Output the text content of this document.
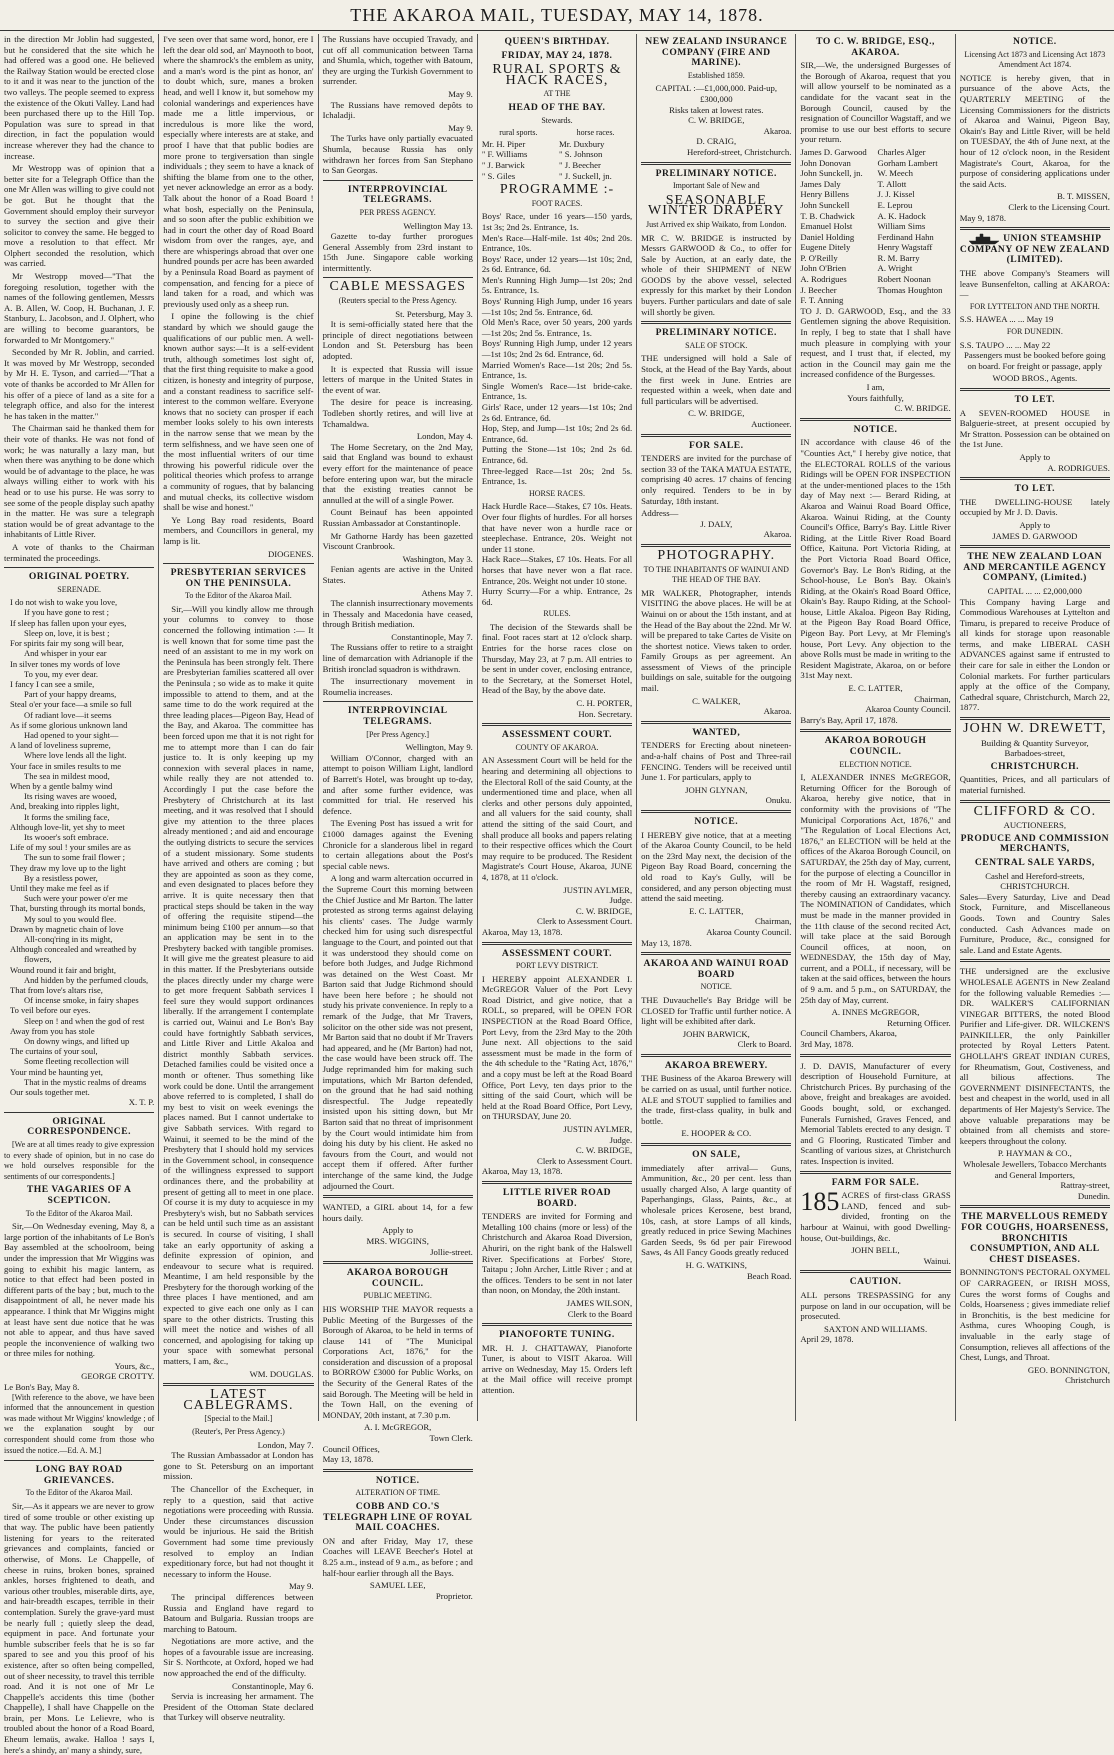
THE AKAROA MAIL, TUESDAY, MAY 14, 1878.

in the direction Mr Joblin had suggested, but he considered that the site which he had offered was a good one. He believed the Railway Station would be erected close to it and it was near to the junction of the two valleys. The people seemed to express the existence of the Okuti Valley. Land had been purchased there up to the Hill Top. Population was sure to spread in that direction, in fact the population would increase wherever they had the chance to increase.

Mr Westropp was of opinion that a better site for a Telegraph Office than the one Mr Allen was willing to give could not be got. But he thought that the Government should employ their surveyor to survey the section and give their solicitor to convey the same. He begged to move a resolution to that effect. Mr Olphert seconded the resolution, which was carried.

Mr Westropp moved—"That the foregoing resolution, together with the names of the following gentlemen, Messrs A. B. Allen, W. Coop, H. Buchanan, J. F. Stanbury, L. Jacobson, and J. Olphert, who are willing to become guarantors, be forwarded to Mr Montgomery."

Seconded by Mr R. Joblin, and carried. It was moved by Mr Westropp, seconded by Mr H. E. Tyson, and carried—"That a vote of thanks be accorded to Mr Allen for his offer of a piece of land as a site for a telegraph office, and also for the interest he has taken in the matter."

The Chairman said he thanked them for their vote of thanks. He was not fond of work; he was naturally a lazy man, but when there was anything to be done which would be of advantage to the place, he was always willing either to work with his head or to use his purse. He was sorry to see some of the people display such apathy in the matter. He was sure a telegraph station would be of great advantage to the inhabitants of Little River.

A vote of thanks to the Chairman terminated the proceedings.

ORIGINAL POETRY.
SERENADE.
I do not wish to wake you love,
If you have gone to rest ;
If sleep has fallen upon your eyes,
Sleep on, love, it is best ;
For spirits fair my song will bear,
And whisper in your ear
In silver tones my words of love
To you, my ever dear.
I fancy I can see a smile,
Part of your happy dreams,
Steal o'er your face—a smile so full
Of radiant love—it seems
As if some glorious unknown land
Had opened to your sight—
A land of loveliness supreme,
Where love lends all the light.
Your face in smiles results to me
The sea in mildest mood,
When by a gentle balmy wind
Its rising waves are wooed,
And, breaking into ripples light,
It forms the smiling face,
Although love-lit, yet shy to meet
Its wooer's soft embrace.
Life of my soul ! your smiles are as
The sun to some frail flower ;
They draw my love up to the light
By a resistless power,
Until they make me feel as if
Such were your power o'er me
That, bursting through its mortal bonds,
My soul to you would flee.
Drawn by magnetic chain of love
All-conq'ring in its might,
Although concealed and wreathed by
flowers,
Wound round it fair and bright,
And hidden by the perfumed clouds,
That from love's altars rise,
Of incense smoke, in fairy shapes
To veil before our eyes.
Sleep on ! and when the god of rest
Away from you has stole
On downy wings, and lifted up
The curtains of your soul,
Some fleeting recollection will
Your mind be haunting yet,
That in the mystic realms of dreams
Our souls together met.
X. T. P.
ORIGINAL CORRESPONDENCE.

[We are at all times ready to give expression to every shade of opinion, but in no case do we hold ourselves responsible for the sentiments of our correspondents.]

THE VAGARIES OF A SCEPTICON.
To the Editor of the Akaroa Mail.

Sir,—On Wednesday evening, May 8, a large portion of the inhabitants of Le Bon's Bay assembled at the schoolroom, being under the impression that Mr Wiggins was going to exhibit his magic lantern, as notice to that effect had been posted in different parts of the bay ; but, much to the disappointment of all, he never made his appearance. I think that Mr Wiggins might at least have sent due notice that he was not able to appear, and thus have saved people the inconvenience of walking two or three miles for nothing.

Yours, &c.,
GEORGE CROTTY.
Le Bon's Bay, May 8.

[With reference to the above, we have been informed that the announcement in question was made without Mr Wiggins' knowledge ; of we the explanation sought by our correspondent should come from those who issued the notice.—Ed. A. M.]

LONG BAY ROAD GRIEVANCES.
To the Editor of the Akaroa Mail.

Sir,—As it appears we are never to grow tired of some trouble or other existing up that way. The public have been patiently listening for years to the reiterated grievances and complaints, fancied or otherwise, of Mons. Le Chappelle, of cheese in ruins, broken bones, sprained ankles, horses frightened to death, and various other troubles, miserable dirts, aye, and hair-breadth escapes, terrible in their contemplation. Surely the grave-yard must be nearly full ; quietly sleep the dead, equipment in pace. And fortunate your humble subscriber feels that he is so far spared to see and you this proof of his existence, after so often being compelled, out of sheer necessity, to travel this terrible road. And it is not one of Mr Le Chappelle's accidents this time (bother Chappelle), I shall have Chappelle on the brain, per Mons. Le Lelievre, who is troubled about the honor of a Road Board, Eheum lemaüs, awake. Halloa ! says I, here's a shindy, an' many a shindy, sure,

I've seen over that same word, honor, ere I left the dear old sod, an' Maynooth to boot, where the shamrock's the emblem as unity, and a man's word is the pint as honor, an' to doubt which, sure, manes a broken head, and well I know it, but somehow my colonial wanderings and experiences have made me a little impervious, or incredulous is more like the word, especially where interests are at stake, and proof I have that that public bodies are more prone to tergiversation than single individuals ; they seem to have a knack of shifting the blame from one to the other, yet never acknowledge an error as a body. Talk about the honor of a Road Board ! what bosh, especially on the Peninsula, and so soon after the public exhibition we had in court the other day of Road Board wisdom from over the ranges, aye, and there are whisperings abroad that over one hundred pounds per acre has been awarded by a Peninsula Road Board as payment of compensation, and fencing for a piece of land taken for a road, and which was previously used only as a sheep run.

I opine the following is the chief standard by which we should gauge the qualifications of our public men. A well-known author says:—It is a self-evident truth, although sometimes lost sight of, that the first thing requisite to make a good citizen, is honesty and integrity of purpose, and a constant readiness to sacrifice self-interest to the common welfare. Everyone knows that no society can prosper if each member looks solely to his own interests in the narrow sense that we mean by the term selfishness, and we have seen one of the most influential writers of our time throwing his powerful ridicule over the political theories which profess to arrange a community of rogues, that by balancing and mutual checks, its collective wisdom shall be wise and honest."

Ye Long Bay road residents, Board members, and Councillors in general, my lamp is lit.

DIOGENES.
PRESBYTERIAN SERVICES ON THE PENINSULA.
To the Editor of the Akaroa Mail.

Sir,—Will you kindly allow me through your columns to convey to those concerned the following intimation :— It is well known that for some time past the need of an assistant to me in my work on the Peninsula has been strongly felt. There are Presbyterian families scattered all over the Peninsula ; so wide as to make it quite impossible to attend to them, and at the same time to do the work required at the three leading places—Pigeon Bay, Head of the Bay, and Akaroa. The committee has been forced upon me that it is not right for me to attempt more than I can do fair justice to. It is only keeping up my connexion with several places in name, while really they are not attended to. Accordingly I put the case before the Presbytery of Christchurch at its last meeting, and it was resolved that I should give my attention to the three places already mentioned ; and aid and encourage the outlying districts to secure the services of a student missionary. Some students have arrived and others are coming ; but they are appointed as soon as they come, and even designated to places before they arrive. It is quite necessary then that practical steps should be taken in the way of offering the requisite stipend—the minimum being £100 per annum—so that an application may be sent in to the Presbytery backed with tangible promises. It will give me the greatest pleasure to aid in this matter. If the Presbyterians outside the places directly under my charge were to get more frequent Sabbath services I feel sure they would support ordinances liberally. If the arrangement I contemplate is carried out, Wainui and Le Bon's Bay could have fortnightly Sabbath services, and Little River and Little Akaloa and district monthly Sabbath services. Detached families could be visited once a month or oftener. Thus something like work could be done. Until the arrangement above referred to is completed, I shall do my best to visit on week evenings the places named. But I cannot undertake to give Sabbath services. With regard to Wainui, it seemed to be the mind of the Presbytery that I should hold my services in the Government school, in consequence of the willingness expressed to support ordinances there, and the probability at present of getting all to meet in one place. Of course it is my duty to acquiesce in my Presbytery's wish, but no Sabbath services can be held until such time as an assistant is secured. In course of visiting, I shall take an early opportunity of asking a definite expression of opinion, and endeavour to secure what is required. Meantime, I am held responsible by the Presbytery for the thorough working of the three places I have mentioned, and am expected to give each one only as I can spare to the other districts. Trusting this will meet the notice and wishes of all concerned, and apologising for taking up your space with somewhat personal matters, I am, &c.,

WM. DOUGLAS.
LATEST CABLEGRAMS.
[Special to the Mail.]
(Reuter's, Per Press Agency.)
London, May 7.

The Russian Ambassador at London has gone to St. Petersburg on an important mission.

The Chancellor of the Exchequer, in reply to a question, said that active negotiations were proceeding with Russia. Under these circumstances discussion would be injurious. He said the British Government had some time previously resolved to employ an Indian expeditionary force, but had not thought it necessary to inform the House.

May 9.

The principal differences between Russia and England have regard to Batoum and Bulgaria. Russian troops are marching to Batoum.

Negotiations are more active, and the hopes of a favourable issue are increasing. Sir S. Northcote, at Oxford, hoped we had now approached the end of the difficulty.

Constantinople, May 6.

Servia is increasing her armament. The President of the Ottoman State declared that Turkey will observe neutrality.

The Russians have occupied Travady, and cut off all communication between Tarna and Shumla, which, together with Batoum, they are urging the Turkish Government to surrender.

May 9.

The Russians have removed depôts to Ichaladji.

May 9.

The Turks have only partially evacuated Shumla, because Russia has only withdrawn her forces from San Stephano to San Georgas.

INTERPROVINCIAL TELEGRAMS.
PER PRESS AGENCY.
Wellington May 13.

Gazette to-day further prorogues General Assembly from 23rd instant to 15th June. Singapore cable working intermittently.

CABLE MESSAGES
(Reuters special to the Press Agency.
St. Petersburg, May 3.

It is semi-officially stated here that the principle of direct negotiations between London and St. Petersburg has been adopted.

It is expected that Russia will issue letters of marque in the United States in the event of war.

The desire for peace is increasing. Todleben shortly retires, and will live at Tchamaldwa.

London, May 4.

The Home Secretary, on the 2nd May, said that England was bound to exhaust every effort for the maintenance of peace before entering upon war, but the miracle that the existing treaties cannot be annulled at the will of a single Power.

Count Beinauf has been appointed Russian Ambassador at Constantinople.

Mr Gathorne Hardy has been gazetted Viscount Cranbrook.

Washington, May 3.

Fenian agents are active in the United States.

Athens May 7.

The clannish insurrectionary movements in Thessaly and Macedonia have ceased, through British mediation.

Constantinople, May 7.

The Russians offer to retire to a straight line of demarcation with Adrianople if the British ironclad squadron is withdrawn.

The insurrectionary movement in Roumelia increases.

INTERPROVINCIAL TELEGRAMS.
[Per Press Agency.]
Wellington, May 9.

William O'Connor, charged with an attempt to poison William Light, landlord of Barrett's Hotel, was brought up to-day, and after some further evidence, was committed for trial. He reserved his defence.

The Evening Post has issued a writ for £1000 damages against the Evening Chronicle for a slanderous libel in regard to certain allegations about the Post's special cable news.

A long and warm altercation occurred in the Supreme Court this morning between the Chief Justice and Mr Barton. The latter protested as strong terms against delaying his clients' cases. The Judge warmly checked him for using such disrespectful language to the Court, and pointed out that it was understood they should come on before both Judges, and Judge Richmond was detained on the West Coast. Mr Barton said that Judge Richmond should have been here before ; he should not study his private convenience. In reply to a remark of the Judge, that Mr Travers, solicitor on the other side was not present, Mr Barton said that no doubt if Mr Travers had appeared, and he (Mr Barton) had not, the case would have been struck off. The Judge reprimanded him for making such imputations, which Mr Barton defended, on the ground that he had said nothing disrespectful. The Judge repeatedly insisted upon his sitting down, but Mr Barton said that no threat of imprisonment by the Court would intimidate him from doing his duty by his client. He asked no favours from the Court, and would not accept them if offered. After further interchange of the same kind, the Judge adjourned the Court.

WANTED, a GIRL about 14, for a few hours daily.

Apply to
MRS. WIGGINS,
Jollie-street.
AKAROA BOROUGH COUNCIL.
PUBLIC MEETING.

HIS WORSHIP THE MAYOR requests a Public Meeting of the Burgesses of the Borough of Akaroa, to be held in terms of clause 141 of "The Municipal Corporations Act, 1876," for the consideration and discussion of a proposal to BORROW £3000 for Public Works, on the Security of the General Rates of the said Borough. The Meeting will be held in the Town Hall, on the evening of MONDAY, 20th instant, at 7.30 p.m.

A. I. McGREGOR,
Town Clerk.
Council Offices,
May 13, 1878.
NOTICE.
ALTERATION OF TIME.
COBB AND CO.'S TELEGRAPH LINE OF ROYAL MAIL COACHES.

ON and after Friday, May 17, these Coaches will LEAVE Beecher's Hotel at 8.25 a.m., instead of 9 a.m., as before ; and half-hour earlier through all the Bays.

SAMUEL LEE,
Proprietor.
QUEEN'S BIRTHDAY.
FRIDAY, MAY 24, 1878.
RURAL SPORTS & HACK RACES,
AT THE
HEAD OF THE BAY.
Stewards.
rural sports.
Mr. H. Piper
" F. Williams
" J. Barwick
" S. Giles
horse races.
Mr. Duxbury
" S. Johnson
" J. Beecher
" J. Suckell, jn.
PROGRAMME :-
FOOT RACES.
Boys' Race, under 16 years—150 yards, 1st 3s; 2nd 2s. Entrance, 1s.
Men's Race—Half-mile. 1st 40s; 2nd 20s. Entrance, 10s.
Boys' Race, under 12 years—1st 10s; 2nd, 2s 6d. Entrance, 6d.
Men's Running High Jump—1st 20s; 2nd 5s. Entrance, 1s.
Boys' Running High Jump, under 16 years—1st 10s; 2nd 5s. Entrance, 6d.
Old Men's Race, over 50 years, 200 yards—1st 20s; 2nd 5s. Entrance, 1s.
Boys' Running High Jump, under 12 years—1st 10s; 2nd 2s 6d. Entrance, 6d.
Married Women's Race—1st 20s; 2nd 5s. Entrance, 1s.
Single Women's Race—1st bride-cake. Entrance, 1s.
Girls' Race, under 12 years—1st 10s; 2nd 2s 6d. Entrance, 6d.
Hop, Step, and Jump—1st 10s; 2nd 2s 6d. Entrance, 6d.
Putting the Stone—1st 10s; 2nd 2s 6d. Entrance, 6d.
Three-legged Race—1st 20s; 2nd 5s. Entrance, 1s.
HORSE RACES.
Hack Hurdle Race—Stakes, £7 10s. Heats. Over four flights of hurdles. For all horses that have never won a hurdle race or steeplechase. Entrance, 20s. Weight not under 11 stone.
Hack Race—Stakes, £7 10s. Heats. For all horses that have never won a flat race. Entrance, 20s. Weight not under 10 stone.
Hurry Scurry—For a whip. Entrance, 2s 6d.
RULES.

The decision of the Stewards shall be final. Foot races start at 12 o'clock sharp. Entries for the horse races close on Thursday, May 23, at 7 p.m. All entries to be sent in under cover, enclosing entrance, to the Secretary, at the Somerset Hotel, Head of the Bay, by the above date.

C. H. PORTER,
Hon. Secretary.
ASSESSMENT COURT.
COUNTY OF AKAROA.

AN Assessment Court will be held for the hearing and determining all objections to the Electoral Roll of the said County, at the undermentioned time and place, when all clerks and other persons duly appointed, and all valuers for the said county, shall attend the sitting of the said Court, and shall produce all books and papers relating to their respective offices which the Court may require to be produced. The Resident Magistrate's Court House, Akaroa, JUNE 4, 1878, at 11 o'clock.

JUSTIN AYLMER,
Judge.
C. W. BRIDGE,
Clerk to Assessment Court.
Akaroa, May 13, 1878.
ASSESSMENT COURT.
PORT LEVY DISTRICT.

I HEREBY appoint ALEXANDER I. McGREGOR Valuer of the Port Levy Road District, and give notice, that a ROLL, so prepared, will be OPEN FOR INSPECTION at the Road Board Office, Port Levy, from the 23rd May to the 20th June next. All objections to the said assessment must be made in the form of the 4th schedule to the "Rating Act, 1876," and a copy must be left at the Road Board Office, Port Levy, ten days prior to the sitting of the said Court, which will be held at the Road Board Office, Port Levy, on THURSDAY, June 20.

JUSTIN AYLMER,
Judge.
C. W. BRIDGE,
Clerk to Assessment Court.
Akaroa, May 13, 1878.
LITTLE RIVER ROAD BOARD.

TENDERS are invited for Forming and Metalling 100 chains (more or less) of the Christchurch and Akaroa Road Diversion, Ahuriri, on the right bank of the Halswell River. Specifications at Forbes' Store, Taitapu ; John Archer, Little River ; and at the offices. Tenders to be sent in not later than noon, on Monday, the 20th instant.

JAMES WILSON,
Clerk to the Board
PIANOFORTE TUNING.

MR. H. J. CHATTAWAY, Pianoforte Tuner, is about to VISIT Akaroa. Will arrive on Wednesday, May 15. Orders left at the Mail office will receive prompt attention.

NEW ZEALAND INSURANCE COMPANY (FIRE AND MARINE).
Established 1859.
CAPITAL :—£1,000,000. Paid-up, £300,000
Risks taken at lowest rates.
C. W. BRIDGE,
Akaroa.
D. CRAIG,
Hereford-street, Christchurch.
PRELIMINARY NOTICE.
Important Sale of New and
SEASONABLE WINTER DRAPERY
Just Arrived ex ship Waikato, from London.

MR C. W. BRIDGE is instructed by Messrs GARWOOD & Co., to offer for Sale by Auction, at an early date, the whole of their SHIPMENT of NEW GOODS by the above vessel, selected expressly for this market by their London buyers. Further particulars and date of sale will shortly be given.

PRELIMINARY NOTICE.
SALE OF STOCK.

THE undersigned will hold a Sale of Stock, at the Head of the Bay Yards, about the first week in June. Entries are requested within a week, when date and full particulars will be advertised.

C. W. BRIDGE,
Auctioneer.
FOR SALE.

TENDERS are invited for the purchase of section 33 of the TAKA MATUA ESTATE, comprising 40 acres. 17 chains of fencing only required. Tenders to be in by Saturday, 18th instant.

Address—
J. DALY,
Akaroa.
PHOTOGRAPHY.
TO THE INHABITANTS OF WAINUI AND THE HEAD OF THE BAY.

MR WALKER, Photographer, intends VISITING the above places. He will be at Wainui on or about the 15th instant, and at the Head of the Bay about the 22nd. Mr W. will be prepared to take Cartes de Visite on the shortest notice. Views taken to order. Family Groups as per agreement. An assessment of Views of the principle buildings on sale, suitable for the outgoing mail.

C. WALKER,
Akaroa.
WANTED,

TENDERS for Erecting about nineteen-and-a-half chains of Post and Three-rail FENCING. Tenders will be received until June 1. For particulars, apply to

JOHN GLYNAN,
Onuku.
NOTICE.

I HEREBY give notice, that at a meeting of the Akaroa County Council, to be held on the 23rd May next, the decision of the Pigeon Bay Road Board, concerning the old road to Kay's Gully, will be considered, and any person objecting must attend the said meeting.

E. C. LATTER,
Chairman,
Akaroa County Council.
May 13, 1878.
AKAROA AND WAINUI ROAD BOARD
NOTICE.

THE Duvauchelle's Bay Bridge will be CLOSED for Traffic until further notice. A light will be exhibited after dark.

JOHN BARWICK,
Clerk to Board.
AKAROA BREWERY.

THE Business of the Akaroa Brewery will be carried on as usual, until further notice. ALE and STOUT supplied to families and the trade, first-class quality, in bulk and bottle.

E. HOOPER & CO.
ON SALE,

immediately after arrival— Guns, Ammunition, &c., 20 per cent. less than usually charged Also, A large quantity of Paperhangings, Glass, Paints, &c., at wholesale prices Kerosene, best brand, 10s, cash, at store Lamps of all kinds, greatly reduced in price Sewing Machines Garden Seeds, 9s 6d per pair Firewood Saws, 4s All Fancy Goods greatly reduced

H. G. WATKINS,
Beach Road.
TO C. W. BRIDGE, ESQ., AKAROA.

SIR,—We, the undersigned Burgesses of the Borough of Akaroa, request that you will allow yourself to be nominated as a candidate for the vacant seat in the Borough Council, caused by the resignation of Councillor Wagstaff, and we promise to use our best efforts to secure your return.

James D. Garwood
John Donovan
John Sunckell, jn.
James Daly
Henry Billens
John Sunckell
T. B. Chadwick
Emanuel Holst
Daniel Holding
Eugene Ditely
P. O'Reilly
John O'Brien
A. Rodrigues
J. Beecher
F. T. Anning
Charles Alger
Gorham Lambert
W. Meech
T. Allott
J. J. Kissel
E. Leprou
A. K. Hadock
William Sims
Ferdinand Hahn
Henry Wagstaff
R. M. Barry
A. Wright
Robert Noonan
Thomas Houghton

TO J. D. GARWOOD, Esq., and the 33 Gentlemen signing the above Requisition. In reply, I beg to state that I shall have much pleasure in complying with your request, and I trust that, if elected, my action in the Council may gain me the increased confidence of the Burgesses.

I am,
Yours faithfully,
C. W. BRIDGE.
NOTICE.

IN accordance with clause 46 of the "Counties Act," I hereby give notice, that the ELECTORAL ROLLS of the various Ridings will be OPEN FOR INSPECTION at the under-mentioned places to the 15th day of May next :— Berard Riding, at Akaroa and Wainui Road Board Office, Akaroa. Wainui Riding, at the County Council's Office, Barry's Bay. Little River Riding, at the Little River Road Board Office, Kaituna. Port Victoria Riding, at the Port Victoria Road Board Office, Governor's Bay. Le Bon's Riding, at the School-house, Le Bon's Bay. Okain's Riding, at the Okain's Road Board Office, Okain's Bay. Raupo Riding, at the School-house, Little Akaloa. Pigeon Bay Riding, at the Pigeon Bay Road Board Office, Pigeon Bay. Port Levy, at Mr Fleming's house, Port Levy. Any objection to the above Rolls must be made in writing to the Resident Magistrate, Akaroa, on or before 31st May next.

E. C. LATTER,
Chairman,
Akaroa County Council.
Barry's Bay, April 17, 1878.
AKAROA BOROUGH COUNCIL.
ELECTION NOTICE.

I, ALEXANDER INNES McGREGOR, Returning Officer for the Borough of Akaroa, hereby give notice, that in conformity with the provisions of "The Municipal Corporations Act, 1876," and "The Regulation of Local Elections Act, 1876," an ELECTION will be held at the offices of the Akaroa Borough Council, on SATURDAY, the 25th day of May, current, for the purpose of electing a Councillor in the room of Mr H. Wagstaff, resigned, thereby causing an extraordinary vacancy. The NOMINATION of Candidates, which must be made in the manner provided in the 11th clause of the second recited Act, will take place at the said Borough Council offices, at noon, on WEDNESDAY, the 15th day of May, current, and a POLL, if necessary, will be taken at the said offices, between the hours of 9 a.m. and 5 p.m., on SATURDAY, the 25th day of May, current.

A. INNES McGREGOR,
Returning Officer.
Council Chambers, Akaroa,
3rd May, 1878.

J. D. DAVIS, Manufacturer of every description of Household Furniture, at Christchurch Prices. By purchasing of the above, freight and breakages are avoided. Goods bought, sold, or exchanged. Funerals Furnished, Graves Fenced, and Memorial Tablets erected to any design. T and G Flooring, Rusticated Timber and Scantling of various sizes, at Christchurch rates. Inspection is invited.

FARM FOR SALE.

185 ACRES of first-class GRASS LAND, fenced and sub-divided, fronting on the harbour at Wainui, with good Dwelling-house, Out-buildings, &c.

JOHN BELL,
Wainui.
CAUTION.

ALL persons TRESPASSING for any purpose on land in our occupation, will be prosecuted.

SAXTON AND WILLIAMS.
April 29, 1878.
NOTICE.
Licensing Act 1873 and Licensing Act 1873 Amendment Act 1874.

NOTICE is hereby given, that in pursuance of the above Acts, the QUARTERLY MEETING of the Licensing Commissioners for the districts of Akaroa and Wainui, Pigeon Bay, Okain's Bay and Little River, will be held on TUESDAY, the 4th of June next, at the hour of 12 o'clock noon, in the Resident Magistrate's Court, Akaroa, for the purpose of considering applications under the said Acts.

B. T. MISSEN,
Clerk to the Licensing Court.
May 9, 1878.
UNION STEAMSHIP COMPANY OF NEW ZEALAND (LIMITED).

THE above Company's Steamers will leave Bunsenfelton, calling at AKAROA:—

FOR LYTTELTON AND THE NORTH.
S.S. HAWEA ... ... May 19
FOR DUNEDIN.
S.S. TAUPO ... ... May 22

Passengers must be booked before going on board. For freight or passage, apply

WOOD BROS., Agents.
TO LET.

A SEVEN-ROOMED HOUSE in Balguerie-street, at present occupied by Mr Stratton. Possession can be obtained on the 1st June.

Apply to
A. RODRIGUES.
TO LET.

THE DWELLING-HOUSE lately occupied by Mr J. D. Davis.

Apply to
JAMES D. GARWOOD
THE NEW ZEALAND LOAN AND MERCANTILE AGENCY COMPANY, (Limited.)
CAPITAL ... ... £2,000,000

This Company having Large and Commodious Warehouses at Lyttelton and Timaru, is prepared to receive Produce of all kinds for storage upon reasonable terms, and make LIBERAL CASH ADVANCES against same if entrusted to their care for sale in either the London or Colonial markets. For further particulars apply at the office of the Company, Cathedral square, Christchurch, March 22, 1877.

JOHN W. DREWETT,
Building & Quantity Surveyor,
Barbadoes-street,
CHRISTCHURCH.

Quantities, Prices, and all particulars of material furnished.

CLIFFORD & CO.
AUCTIONEERS,
PRODUCE AND COMMISSION MERCHANTS,
CENTRAL SALE YARDS,
Cashel and Hereford-streets,
CHRISTCHURCH.

Sales—Every Saturday, Live and Dead Stock, Furniture, and Miscellaneous Goods. Town and Country Sales conducted. Cash Advances made on Furniture, Produce, &c., consigned for sale. Land and Estate Agents.

THE undersigned are the exclusive WHOLESALE AGENTS in New Zealand for the following valuable Remedies :— DR. WALKER'S CALIFORNIAN VINEGAR BITTERS, the noted Blood Purifier and Life-giver. DR. WILCKEN'S PAINKILLER, the only Painkiller protected by Royal Letters Patent. GHOLLAH'S GREAT INDIAN CURES, for Rheumatism, Gout, Costiveness, and all bilious affections. The GOVERNMENT DISINFECTANTS, the best and cheapest in the world, used in all departments of Her Majesty's Service. The above valuable preparations may be obtained from all chemists and store-keepers throughout the colony.

P. HAYMAN & CO.,
Wholesale Jewellers, Tobacco Merchants and General Importers,
Rattray-street,
Dunedin.
THE MARVELLOUS REMEDY FOR COUGHS, HOARSENESS, BRONCHITIS CONSUMPTION, AND ALL CHEST DISEASES.

BONNINGTON'S PECTORAL OXYMEL OF CARRAGEEN, or IRISH MOSS, Cures the worst forms of Coughs and Colds, Hoarseness ; gives immediate relief in Bronchitis, is the best medicine for Asthma, cures Whooping Cough, is invaluable in the early stage of Consumption, relieves all affections of the Chest, Lungs, and Throat.

GEO. BONNINGTON,
Christchurch
